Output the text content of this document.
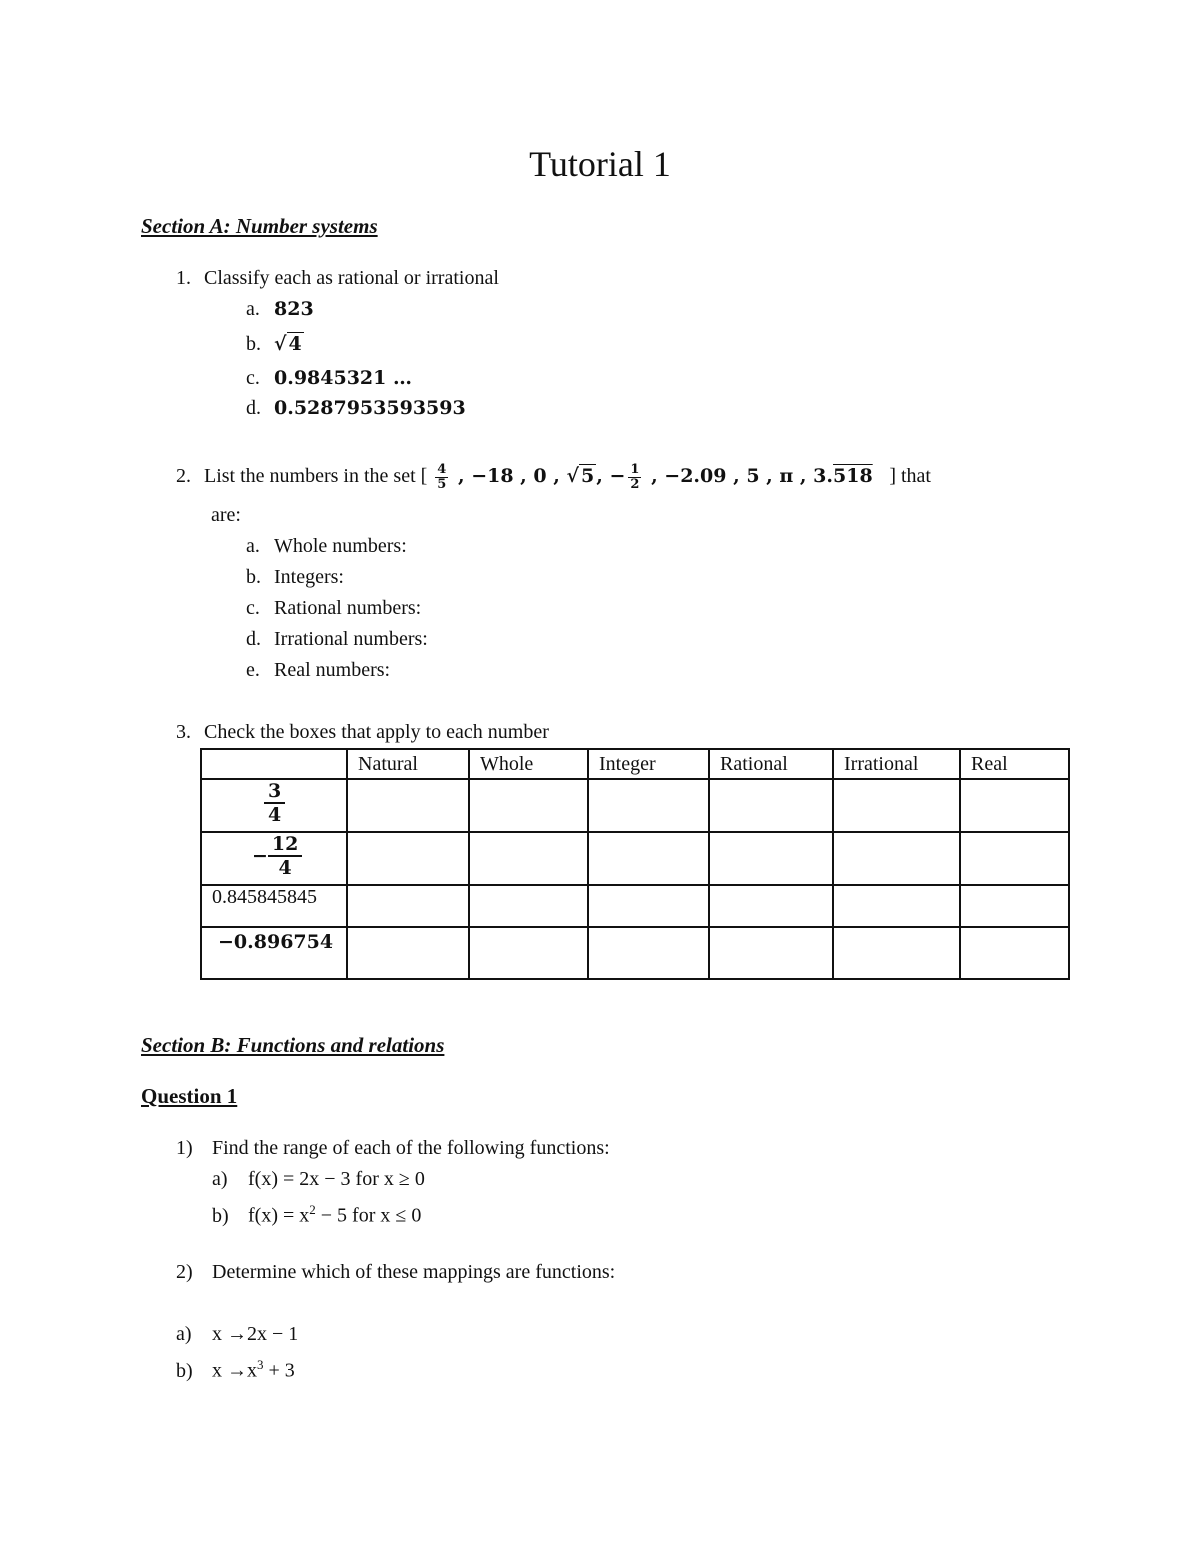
Tutorial 1
Section A: Number systems
1. Classify each as rational or irrational
a. 823
b. √ 4
c. 0.9845321 …
d. 0.5287953593593
2. List the numbers in the set [ $\frac{4}{5}$ , −18 , 0 , √ 5 , − $\frac{1}{2}$ , −2.09 , 5 , π , 3.518 ] that
are:
a. Whole numbers:
b. Integers:
c. Rational numbers:
d. Irrational numbers:
e. Real numbers:
3. Check the boxes that apply to each number
	Natural	Whole	Integer	Rational	Irrational	Real

$\frac{3}{4}$

− $\frac{12}{4}$

0.845845845						
−0.896754						
Section B: Functions and relations
Question 1
1) Find the range of each of the following functions:
a) f(x) = 2x − 3 for x ≥ 0
b) $f(x) = x^2 - 5$ for x ≤ 0
2) Determine which of these mappings are functions:
a) x →2x − 1
b) $x \to x^3 + 3$
